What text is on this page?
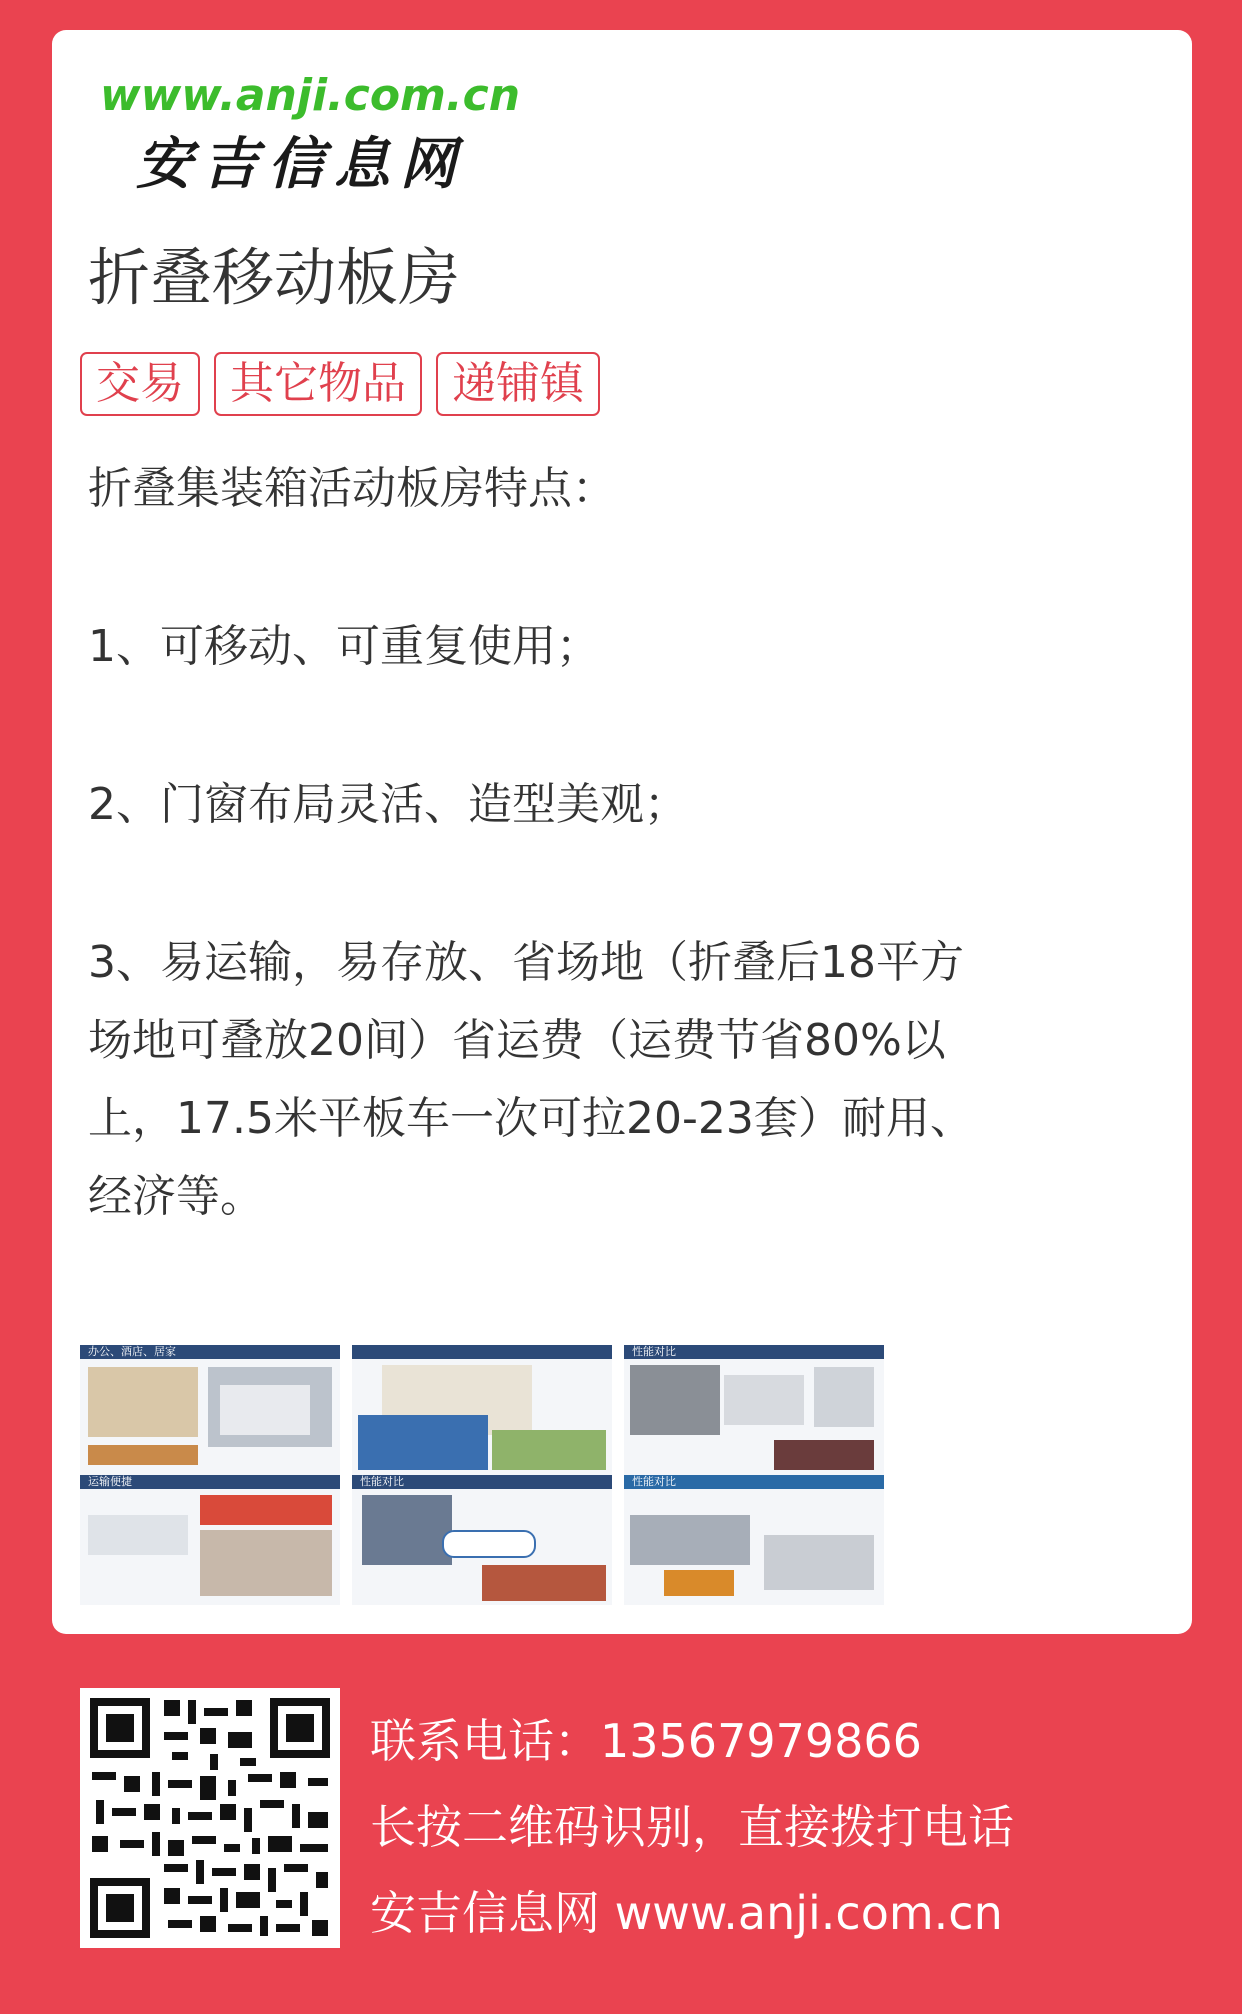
www.anji.com.cn
安吉信息网
折叠移动板房
交易	其它物品	递铺镇

折叠集装箱活动板房特点：

1、可移动、可重复使用；

2、门窗布局灵活、造型美观；

3、易运输，易存放、省场地（折叠后18平方

场地可叠放20间）省运费（运费节省80%以

上，17.5米平板车一次可拉20-23套）耐用、

经济等。

办公、酒店、居家
运输便捷	性能对比
性能对比
性能对比
联系电话：13567979866
长按二维码识别，直接拨打电话
安吉信息网 www.anji.com.cn
